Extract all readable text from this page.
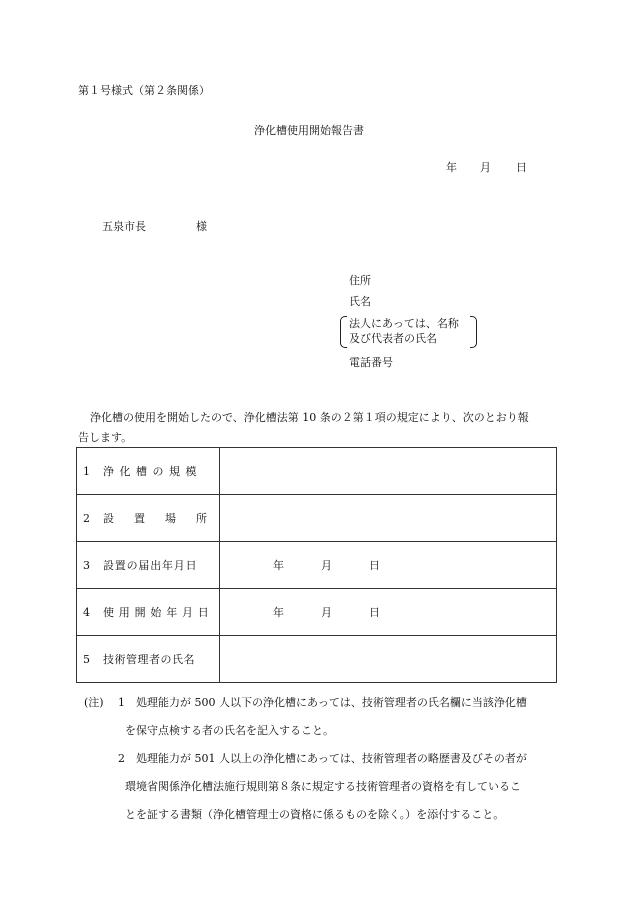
第１号様式（第２条関係）
浄化槽使用開始報告書
年 月 日
五泉市長	様
住所
氏名
法人にあっては、名称
及び代表者の氏名
電話番号
浄化槽の使用を開始したので、浄化槽法第 10 条の２第１項の規定により、次のとおり報
告します。
1 浄化槽の規模	
2 設置場所	
3 設置の届出年月日	年 月 日

4 使用開始年月日	年 月 日

5 技術管理者の氏名	
(注) 1 処理能力が 500 人以下の浄化槽にあっては、技術管理者の氏名欄に当該浄化槽
を保守点検する者の氏名を記入すること。
2 処理能力が 501 人以上の浄化槽にあっては、技術管理者の略歴書及びその者が
環境省関係浄化槽法施行規則第８条に規定する技術管理者の資格を有しているこ
とを証する書類（浄化槽管理士の資格に係るものを除く。）を添付すること。
